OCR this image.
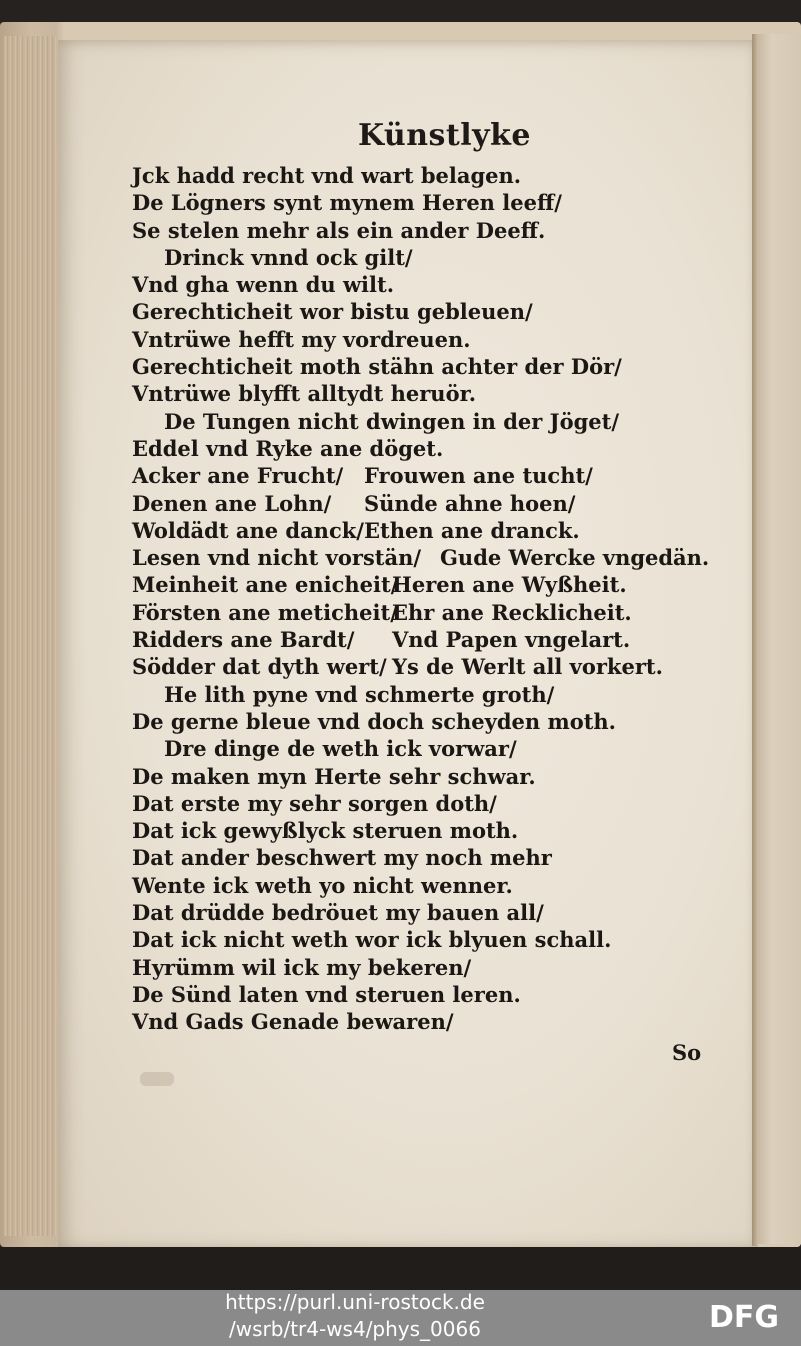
Künstlyke
Jck hadd recht vnd wart belagen.
De Lögners synt mynem Heren leeff/
Se stelen mehr als ein ander Deeff.
Drinck vnnd ock gilt/
Vnd gha wenn du wilt.
Gerechticheit wor bistu gebleuen/
Vntrüwe hefft my vordreuen.
Gerechticheit moth stähn achter der Dör/
Vntrüwe blyfft alltydt heruör.
De Tungen nicht dwingen in der Jöget/
Eddel vnd Ryke ane döget.
Acker ane Frucht/ Frouwen ane tucht/
Denen ane Lohn/ Sünde ahne hoen/
Woldädt ane danck/ Ethen ane dranck.
Lesen vnd nicht vorstän/ Gude Wercke vngedän.
Meinheit ane enicheit/
Heren ane Wyßheit.
Försten ane meticheit/
Ehr ane Recklicheit.
Ridders ane Bardt/ Vnd Papen vngelart.
Södder dat dyth wert/ Ys de Werlt all vorkert.
He lith pyne vnd schmerte groth/
De gerne bleue vnd doch scheyden moth.
Dre dinge de weth ick vorwar/
De maken myn Herte sehr schwar.
Dat erste my sehr sorgen doth/
Dat ick gewyßlyck steruen moth.
Dat ander beschwert my noch mehr
Wente ick weth yo nicht wenner.
Dat drüdde bedröuet my bauen all/
Dat ick nicht weth wor ick blyuen schall.
Hyrümm wil ick my bekeren/
De Sünd laten vnd steruen leren.
Vnd Gads Genade bewaren/
So
https://purl.uni-rostock.de
/wsrb/tr4-ws4/phys_0066	DFG
